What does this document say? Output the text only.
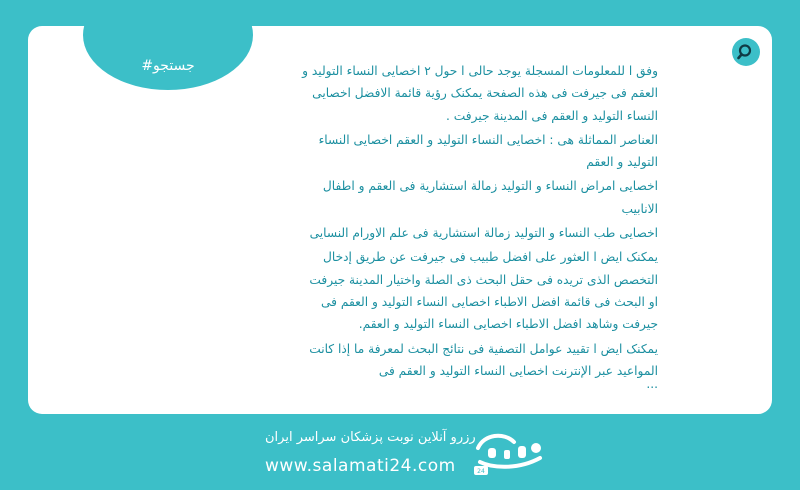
#جستجو	وفق ا للمعلومات المسجلة يوجد حالی ا حول ۲ اخصایی النساء التولید و العقم فی جیرفت فی هذه الصفحة یمکنک رؤیة قائمة الافضل اخصایی النساء التولید و العقم فی المدینة جیرفت .

العناصر المماثلة هی : اخصایی النساء التولید و العقم اخصایی النساء التولید و العقم

اخصایی امراض النساء و التولید زمالة استشاریة فی العقم و اطفال الانابیب

اخصایی طب النساء و التولید زمالة استشاریة فی علم الاورام النسایی

یمکنک ایض ا العثور علی افضل طبیب فی جیرفت عن طریق إدخال التخصص الذی تریده فی حقل البحث ذی الصلة واختیار المدینة جیرفت او البحث فی قائمة افضل الاطباء اخصایی النساء التولید و العقم فی جیرفت وشاهد افضل الاطباء اخصایی النساء التولید و العقم.

یمکنک ایض ا تقیید عوامل التصفیة فی نتائج البحث لمعرفة ما إذا کانت المواعید عبر الإنترنت اخصایی النساء التولید و العقم فی

...

رزرو آنلاین نوبت پزشکان سراسر ایران
www.salamati24.com	24
